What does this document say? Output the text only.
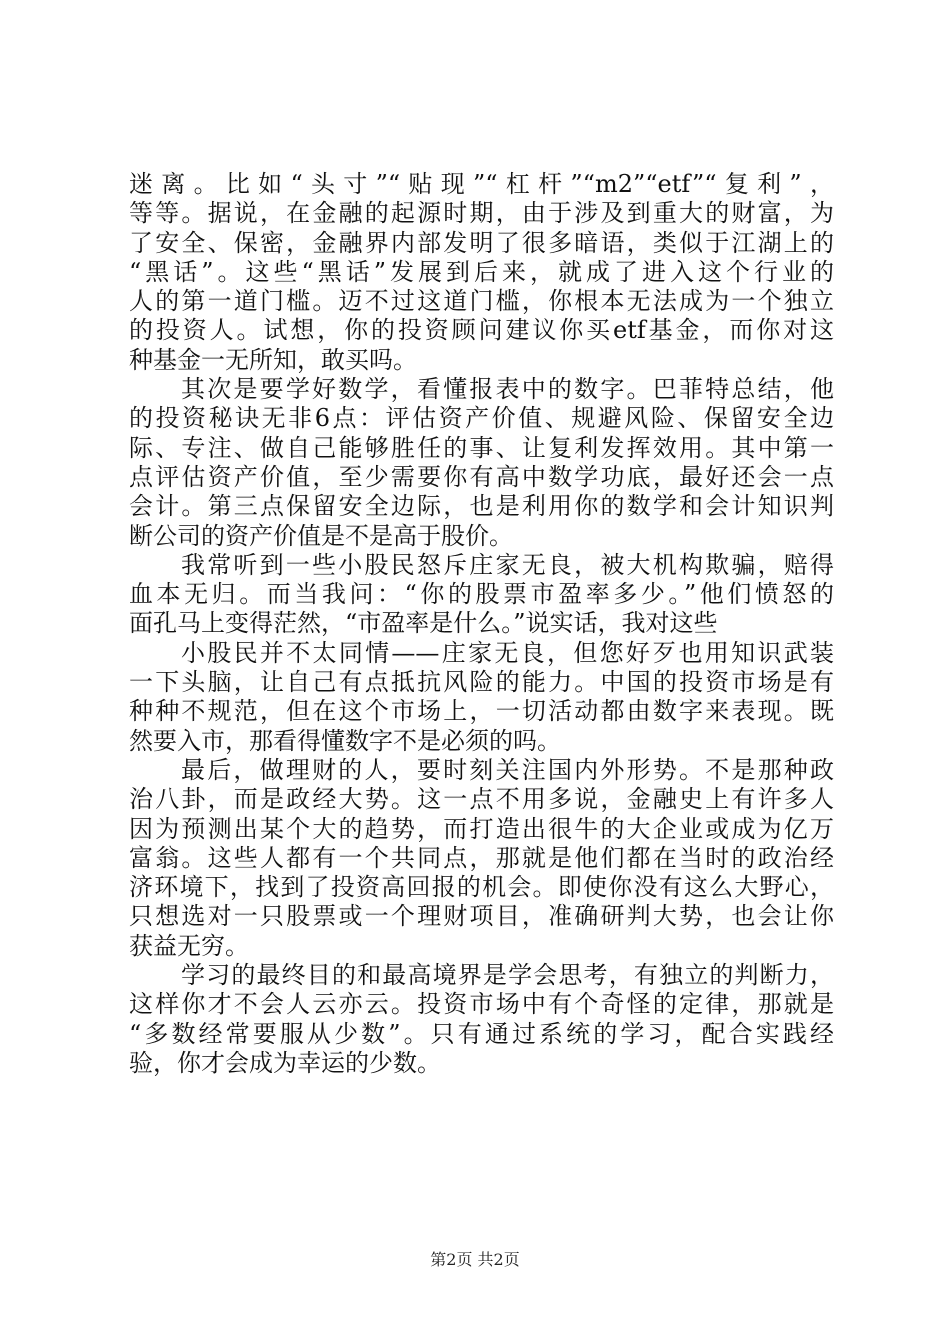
迷离。比如“头寸”“贴现”“杠杆”“m2”“etf”“复利”，
等等。据说，在金融的起源时期，由于涉及到重大的财富，为
了安全、保密，金融界内部发明了很多暗语，类似于江湖上的
“黑话”。这些“黑话”发展到后来，就成了进入这个行业的
人的第一道门槛。迈不过这道门槛，你根本无法成为一个独立
的投资人。试想，你的投资顾问建议你买etf基金，而你对这
种基金一无所知，敢买吗。
其次是要学好数学，看懂报表中的数字。巴菲特总结，他
的投资秘诀无非6点：评估资产价值、规避风险、保留安全边
际、专注、做自己能够胜任的事、让复利发挥效用。其中第一
点评估资产价值，至少需要你有高中数学功底，最好还会一点
会计。第三点保留安全边际，也是利用你的数学和会计知识判
断公司的资产价值是不是高于股价。
我常听到一些小股民怒斥庄家无良，被大机构欺骗，赔得
血本无归。而当我问：“你的股票市盈率多少。”他们愤怒的
面孔马上变得茫然，“市盈率是什么。”说实话，我对这些
小股民并不太同情——庄家无良，但您好歹也用知识武装
一下头脑，让自己有点抵抗风险的能力。中国的投资市场是有
种种不规范，但在这个市场上，一切活动都由数字来表现。既
然要入市，那看得懂数字不是必须的吗。
最后，做理财的人，要时刻关注国内外形势。不是那种政
治八卦，而是政经大势。这一点不用多说，金融史上有许多人
因为预测出某个大的趋势，而打造出很牛的大企业或成为亿万
富翁。这些人都有一个共同点，那就是他们都在当时的政治经
济环境下，找到了投资高回报的机会。即使你没有这么大野心，
只想选对一只股票或一个理财项目，准确研判大势，也会让你
获益无穷。
学习的最终目的和最高境界是学会思考，有独立的判断力，
这样你才不会人云亦云。投资市场中有个奇怪的定律，那就是
“多数经常要服从少数”。只有通过系统的学习，配合实践经
验，你才会成为幸运的少数。
第2页 共2页
